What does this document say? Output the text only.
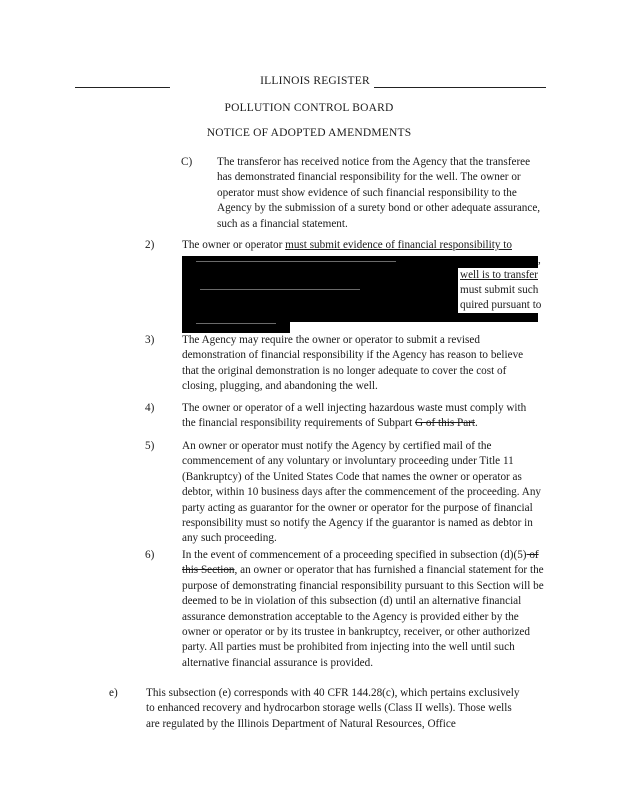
.	ILLINOIS REGISTER
POLLUTION CONTROL BOARD
NOTICE OF ADOPTED AMENDMENTS
C) The transferor has received notice from the Agency that the transferee has demonstrated financial responsibility for the well. The owner or operator must show evidence of such financial responsibility to the Agency by the submission of a surety bond or other adequate assurance, such as a financial statement.
2) The owner or operator must submit evidence of financial responsibility to
,
well is to transfer
must submit such
quired pursuant to
3) The Agency may require the owner or operator to submit a revised demonstration of financial responsibility if the Agency has reason to believe that the original demonstration is no longer adequate to cover the cost of closing, plugging, and abandoning the well.
4) The owner or operator of a well injecting hazardous waste must comply with the financial responsibility requirements of Subpart G of this Part.
5) An owner or operator must notify the Agency by certified mail of the commencement of any voluntary or involuntary proceeding under Title 11 (Bankruptcy) of the United States Code that names the owner or operator as debtor, within 10 business days after the commencement of the proceeding. Any party acting as guarantor for the owner or operator for the purpose of financial responsibility must so notify the Agency if the guarantor is named as debtor in any such proceeding.
6) In the event of commencement of a proceeding specified in subsection (d)(5) of this Section, an owner or operator that has furnished a financial statement for the purpose of demonstrating financial responsibility pursuant to this Section will be deemed to be in violation of this subsection (d) until an alternative financial assurance demonstration acceptable to the Agency is provided either by the owner or operator or by its trustee in bankruptcy, receiver, or other authorized party. All parties must be prohibited from injecting into the well until such alternative financial assurance is provided.
e)	This subsection (e) corresponds with 40 CFR 144.28(c), which pertains exclusively to enhanced recovery and hydrocarbon storage wells (Class II wells). Those wells are regulated by the Illinois Department of Natural Resources, Office
